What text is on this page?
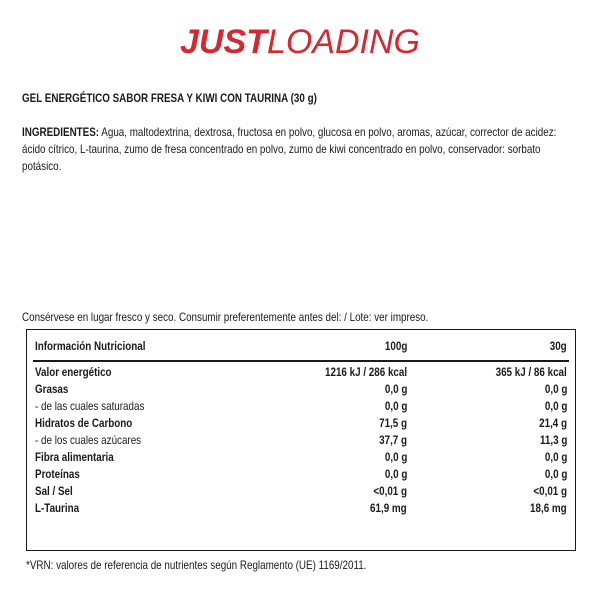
JUSTLOADING
GEL ENERGÉTICO SABOR FRESA Y KIWI CON TAURINA (30 g)
INGREDIENTES: Agua, maltodextrina, dextrosa, fructosa en polvo, glucosa en polvo, aromas, azúcar, corrector de acidez: ácido cítrico, L-taurina, zumo de fresa concentrado en polvo, zumo de kiwi concentrado en polvo, conservador: sorbato potásico.
Consérvese en lugar fresco y seco. Consumir preferentemente antes del: / Lote: ver impreso.
Información Nutricional	100g	30g
Valor energético	1216 kJ / 286 kcal	365 kJ / 86 kcal
Grasas	0,0 g	0,0 g
- de las cuales saturadas	0,0 g	0,0 g
Hidratos de Carbono	71,5 g	21,4 g
- de los cuales azúcares	37,7 g	11,3 g
Fibra alimentaria	0,0 g	0,0 g
Proteínas	0,0 g	0,0 g
Sal / Sel	<0,01 g	<0,01 g
L-Taurina	61,9 mg	18,6 mg
*VRN: valores de referencia de nutrientes según Reglamento (UE) 1169/2011.
